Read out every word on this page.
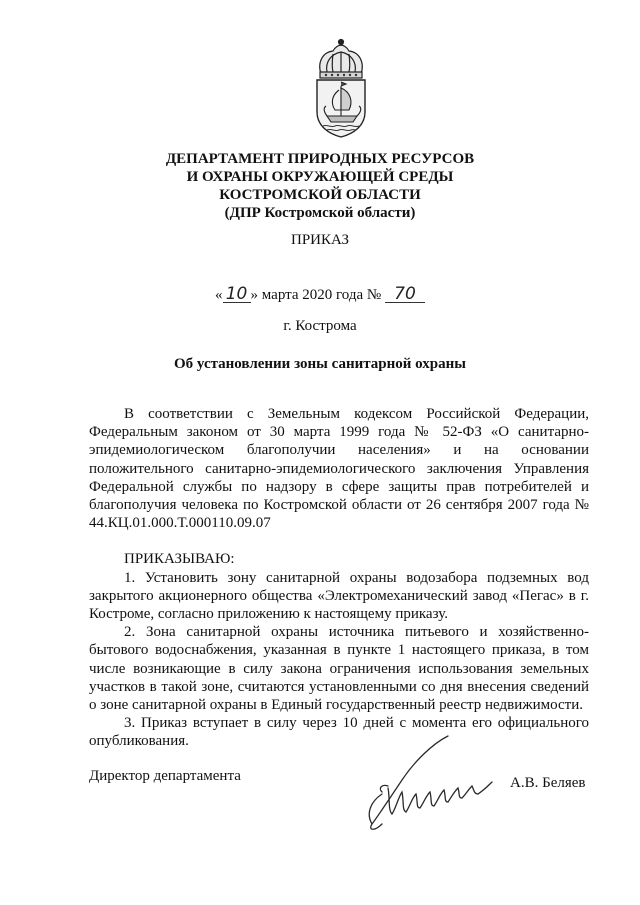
ДЕПАРТАМЕНТ ПРИРОДНЫХ РЕСУРСОВ
И ОХРАНЫ ОКРУЖАЮЩЕЙ СРЕДЫ
КОСТРОМСКОЙ ОБЛАСТИ
(ДПР Костромской области)
ПРИКАЗ
« 10 » марта 2020 года № 70
г. Кострома
Об установлении зоны санитарной охраны

В соответствии с Земельным кодексом Российской Федерации, Федеральным законом от 30 марта 1999 года № 52-ФЗ «О санитарно-эпидемиологическом благополучии населения» и на основании положительного санитарно-эпидемиологического заключения Управления Федеральной службы по надзору в сфере защиты прав потребителей и благополучия человека по Костромской области от 26 сентября 2007 года № 44.КЦ.01.000.Т.000110.09.07

ПРИКАЗЫВАЮ:

1. Установить зону санитарной охраны водозабора подземных вод закрытого акционерного общества «Электромеханический завод «Пегас» в г. Костроме, согласно приложению к настоящему приказу.

2. Зона санитарной охраны источника питьевого и хозяйственно-бытового водоснабжения, указанная в пункте 1 настоящего приказа, в том числе возникающие в силу закона ограничения использования земельных участков в такой зоне, считаются установленными со дня внесения сведений о зоне санитарной охраны в Единый государственный реестр недвижимости.

3. Приказ вступает в силу через 10 дней с момента его официального опубликования.

Директор департамента	А.В. Беляев
